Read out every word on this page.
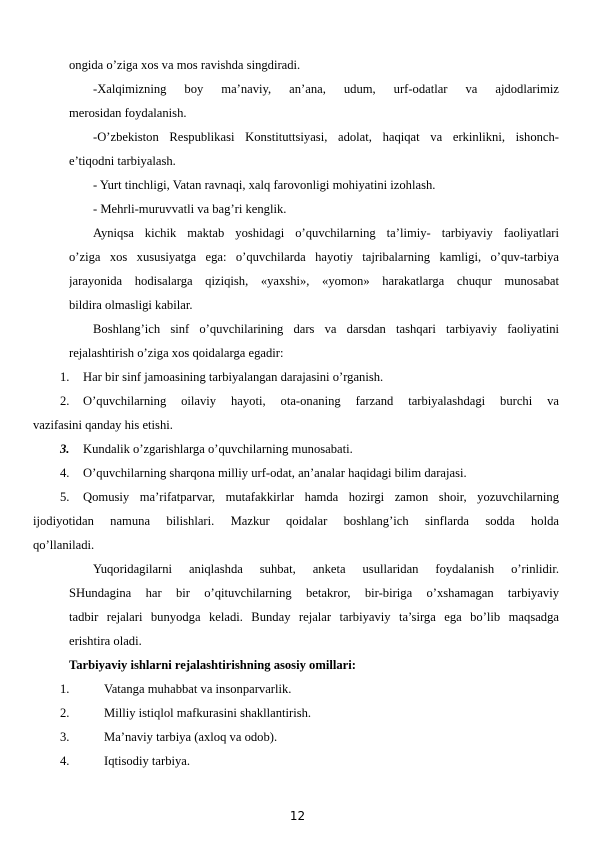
ongida o’ziga xos va mos ravishda singdiradi.
-Xalqimizning boy ma’naviy, an’ana, udum, urf-odatlar va ajdodlarimiz
merosidan foydalanish.
-O’zbekiston Respublikasi Konstituttsiyasi, adolat, haqiqat va erkinlikni, ishonch-
e’tiqodni tarbiyalash.
- Yurt tinchligi, Vatan ravnaqi, xalq farovonligi mohiyatini izohlash.
- Mehrli-muruvvatli va bag’ri kenglik.
Ayniqsa kichik maktab yoshidagi o’quvchilarning ta’limiy- tarbiyaviy faoliyatlari
o’ziga xos xususiyatga ega: o’quvchilarda hayotiy tajribalarning kamligi, o’quv-tarbiya
jarayonida hodisalarga qiziqish, «yaxshi», «yomon» harakatlarga chuqur munosabat
bildira olmasligi kabilar.
Boshlang’ich sinf o’quvchilarining dars va darsdan tashqari tarbiyaviy faoliyatini
rejalashtirish o’ziga xos qoidalarga egadir:
1. Har bir sinf jamoasining tarbiyalangan darajasini o’rganish.
2. O’quvchilarning oilaviy hayoti, ota-onaning farzand tarbiyalashdagi burchi va
vazifasini qanday his etishi.
3. Kundalik o’zgarishlarga o’quvchilarning munosabati.
4. O’quvchilarning sharqona milliy urf-odat, an’analar haqidagi bilim darajasi.
5. Qomusiy ma’rifatparvar, mutafakkirlar hamda hozirgi zamon shoir, yozuvchilarning
ijodiyotidan namuna bilishlari. Mazkur qoidalar boshlang’ich sinflarda sodda holda
qo’llaniladi.
Yuqoridagilarni aniqlashda suhbat, anketa usullaridan foydalanish o’rinlidir.
SHundagina har bir o’qituvchilarning betakror, bir-biriga o’xshamagan tarbiyaviy
tadbir rejalari bunyodga keladi. Bunday rejalar tarbiyaviy ta’sirga ega bo’lib maqsadga
erishtira oladi.
Tarbiyaviy ishlarni rejalashtirishning asosiy omillari:
1.	Vatanga muhabbat va insonparvarlik.
2.	Milliy istiqlol mafkurasini shakllantirish.
3.	Ma’naviy tarbiya (axloq va odob).
4.	Iqtisodiy tarbiya.
12
